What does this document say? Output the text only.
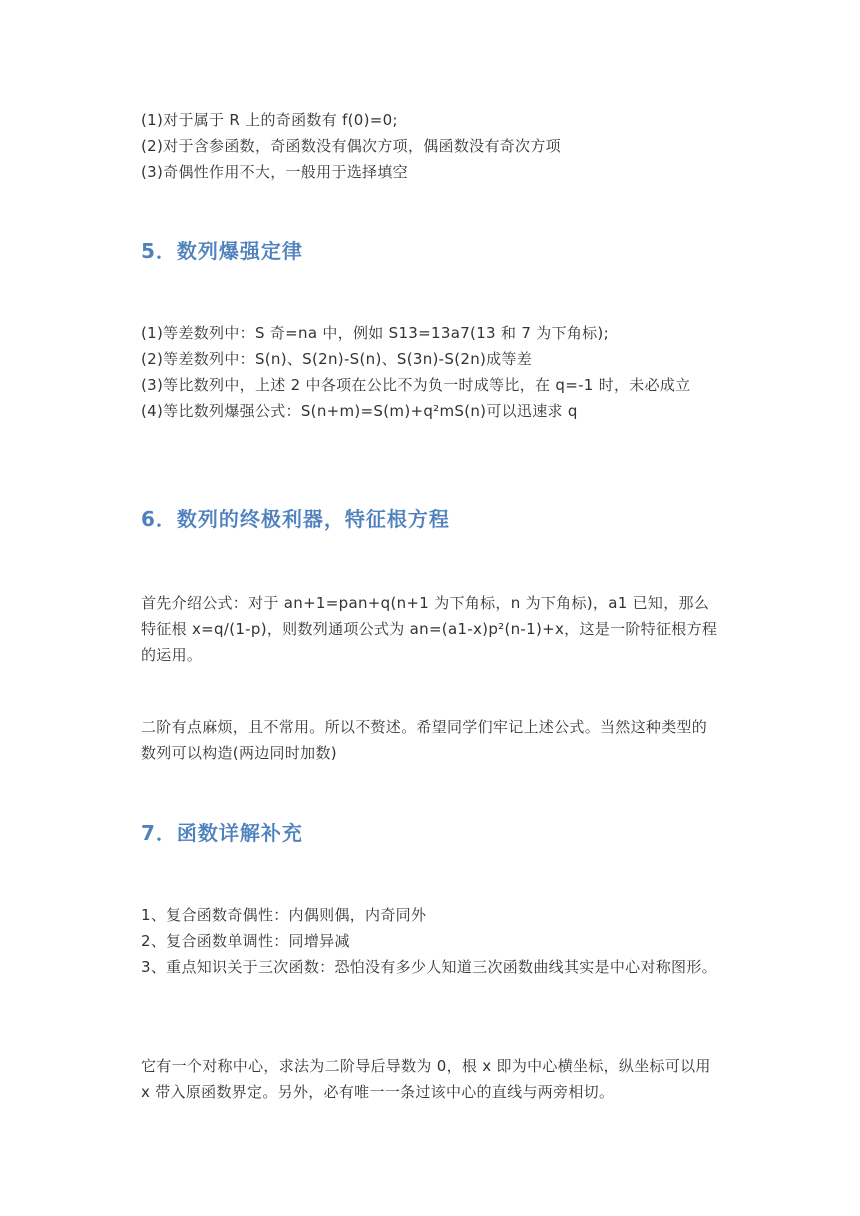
(1)对于属于 R 上的奇函数有 f(0)=0;

(2)对于含参函数，奇函数没有偶次方项，偶函数没有奇次方项

(3)奇偶性作用不大，一般用于选择填空

5．数列爆强定律

(1)等差数列中：S 奇=na 中，例如 S13=13a7(13 和 7 为下角标);

(2)等差数列中：S(n)、S(2n)-S(n)、S(3n)-S(2n)成等差

(3)等比数列中，上述 2 中各项在公比不为负一时成等比，在 q=-1 时，未必成立

(4)等比数列爆强公式：S(n+m)=S(m)+q²mS(n)可以迅速求 q

6．数列的终极利器，特征根方程

首先介绍公式：对于 an+1=pan+q(n+1 为下角标，n 为下角标)，a1 已知，那么特征根 x=q/(1-p)，则数列通项公式为 an=(a1-x)p²(n-1)+x，这是一阶特征根方程的运用。

二阶有点麻烦，且不常用。所以不赘述。希望同学们牢记上述公式。当然这种类型的数列可以构造(两边同时加数)

7．函数详解补充

1、复合函数奇偶性：内偶则偶，内奇同外

2、复合函数单调性：同增异减

3、重点知识关于三次函数：恐怕没有多少人知道三次函数曲线其实是中心对称图形。

它有一个对称中心，求法为二阶导后导数为 0，根 x 即为中心横坐标，纵坐标可以用 x 带入原函数界定。另外，必有唯一一条过该中心的直线与两旁相切。
